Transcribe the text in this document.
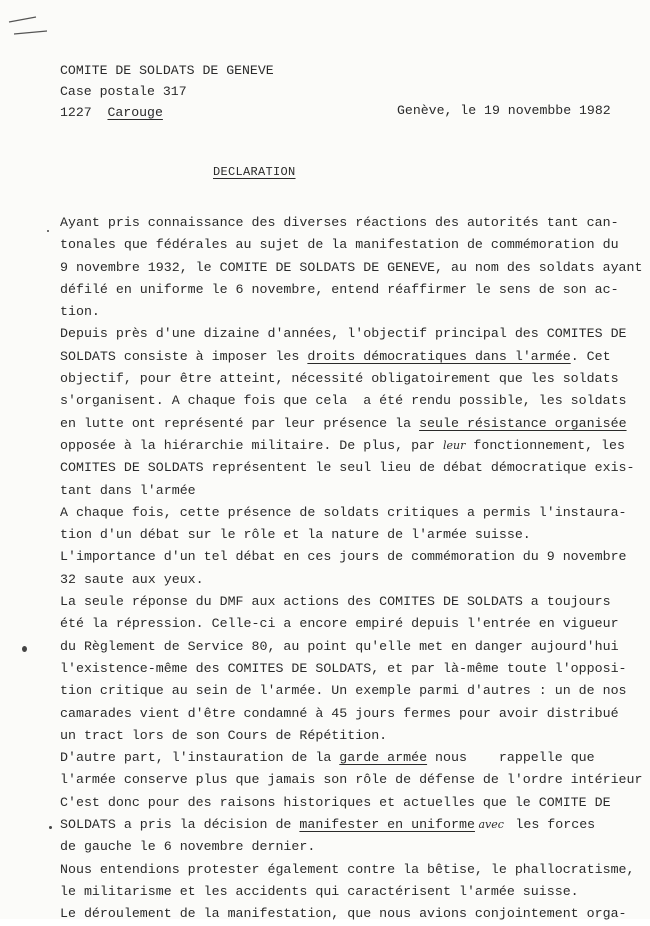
COMITE DE SOLDATS DE GENEVE
Case postale 317
1227 Carouge	Genève, le 19 novembbe 1982
DECLARATION
Ayant pris connaissance des diverses réactions des autorités tant can-
tonales que fédérales au sujet de la manifestation de commémoration du
9 novembre 1932, le COMITE DE SOLDATS DE GENEVE, au nom des soldats ayant
défilé en uniforme le 6 novembre, entend réaffirmer le sens de son ac-
tion.
Depuis près d'une dizaine d'années, l'objectif principal des COMITES DE
SOLDATS consiste à imposer les droits démocratiques dans l'armée. Cet
objectif, pour être atteint, nécessité obligatoirement que les soldats
s'organisent. A chaque fois que cela  a été rendu possible, les soldats
en lutte ont représenté par leur présence la seule résistance organisée
opposée à la hiérarchie militaire. De plus, par leur fonctionnement, les
COMITES DE SOLDATS représentent le seul lieu de débat démocratique exis-
tant dans l'armée
A chaque fois, cette présence de soldats critiques a permis l'instaura-
tion d'un débat sur le rôle et la nature de l'armée suisse.
L'importance d'un tel débat en ces jours de commémoration du 9 novembre
32 saute aux yeux.
La seule réponse du DMF aux actions des COMITES DE SOLDATS a toujours
été la répression. Celle-ci a encore empiré depuis l'entrée en vigueur
du Règlement de Service 80, au point qu'elle met en danger aujourd'hui
l'existence-même des COMITES DE SOLDATS, et par là-même toute l'opposi-
tion critique au sein de l'armée. Un exemple parmi d'autres : un de nos
camarades vient d'être condamné à 45 jours fermes pour avoir distribué
un tract lors de son Cours de Répétition.
D'autre part, l'instauration de la garde armée nous    rappelle que
l'armée conserve plus que jamais son rôle de défense de l'ordre intérieur
C'est donc pour des raisons historiques et actuelles que le COMITE DE
SOLDATS a pris la décision de manifester en uniforme avec  les forces
de gauche le 6 novembre dernier.
Nous entendions protester également contre la bêtise, le phallocratisme,
le militarisme et les accidents qui caractérisent l'armée suisse.
Le déroulement de la manifestation, que nous avions conjointement orga-
